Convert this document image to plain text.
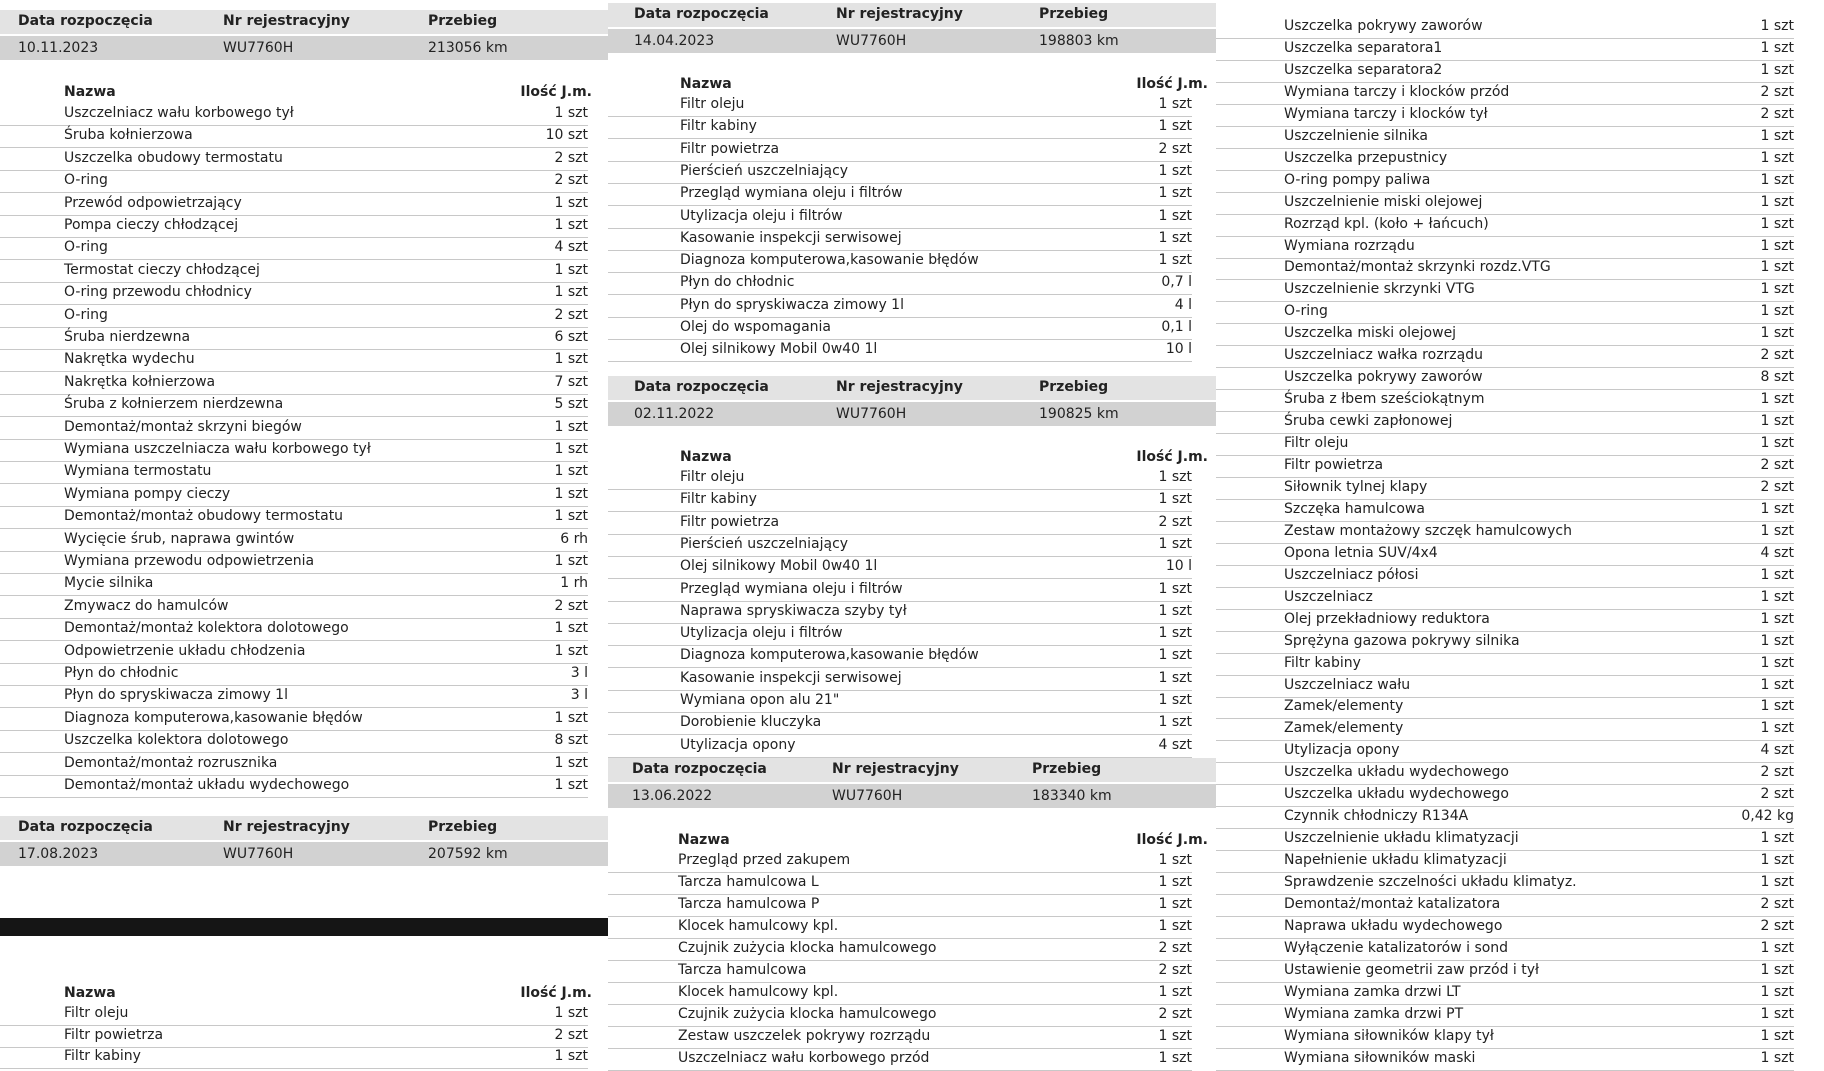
Data rozpoczęcia	Nr rejestracyjny	Przebieg
10.11.2023	WU7760H	213056 km
Nazwa	Ilość J.m.
Uszczelniacz wału korbowego tył	1 szt
Śruba kołnierzowa	10 szt
Uszczelka obudowy termostatu	2 szt
O-ring	2 szt
Przewód odpowietrzający	1 szt
Pompa cieczy chłodzącej	1 szt
O-ring	4 szt
Termostat cieczy chłodzącej	1 szt
O-ring przewodu chłodnicy	1 szt
O-ring	2 szt
Śruba nierdzewna	6 szt
Nakrętka wydechu	1 szt
Nakrętka kołnierzowa	7 szt
Śruba z kołnierzem nierdzewna	5 szt
Demontaż/montaż skrzyni biegów	1 szt
Wymiana uszczelniacza wału korbowego tył	1 szt
Wymiana termostatu	1 szt
Wymiana pompy cieczy	1 szt
Demontaż/montaż obudowy termostatu	1 szt
Wycięcie śrub, naprawa gwintów	6 rh
Wymiana przewodu odpowietrzenia	1 szt
Mycie silnika	1 rh
Zmywacz do hamulców	2 szt
Demontaż/montaż kolektora dolotowego	1 szt
Odpowietrzenie układu chłodzenia	1 szt
Płyn do chłodnic	3 l
Płyn do spryskiwacza zimowy 1l	3 l
Diagnoza komputerowa,kasowanie błędów	1 szt
Uszczelka kolektora dolotowego	8 szt
Demontaż/montaż rozrusznika	1 szt
Demontaż/montaż układu wydechowego	1 szt
Data rozpoczęcia	Nr rejestracyjny	Przebieg
17.08.2023	WU7760H	207592 km
Nazwa	Ilość J.m.
Filtr oleju	1 szt
Filtr powietrza	2 szt
Filtr kabiny	1 szt
Data rozpoczęcia	Nr rejestracyjny	Przebieg
14.04.2023	WU7760H	198803 km
Nazwa	Ilość J.m.
Filtr oleju	1 szt
Filtr kabiny	1 szt
Filtr powietrza	2 szt
Pierścień uszczelniający	1 szt
Przegląd wymiana oleju i filtrów	1 szt
Utylizacja oleju i filtrów	1 szt
Kasowanie inspekcji serwisowej	1 szt
Diagnoza komputerowa,kasowanie błędów	1 szt
Płyn do chłodnic	0,7 l
Płyn do spryskiwacza zimowy 1l	4 l
Olej do wspomagania	0,1 l
Olej silnikowy Mobil 0w40 1l	10 l
Data rozpoczęcia	Nr rejestracyjny	Przebieg
02.11.2022	WU7760H	190825 km
Nazwa	Ilość J.m.
Filtr oleju	1 szt
Filtr kabiny	1 szt
Filtr powietrza	2 szt
Pierścień uszczelniający	1 szt
Olej silnikowy Mobil 0w40 1l	10 l
Przegląd wymiana oleju i filtrów	1 szt
Naprawa spryskiwacza szyby tył	1 szt
Utylizacja oleju i filtrów	1 szt
Diagnoza komputerowa,kasowanie błędów	1 szt
Kasowanie inspekcji serwisowej	1 szt
Wymiana opon alu 21"	1 szt
Dorobienie kluczyka	1 szt
Utylizacja opony	4 szt
Data rozpoczęcia	Nr rejestracyjny	Przebieg
13.06.2022	WU7760H	183340 km
Nazwa	Ilość J.m.
Przegląd przed zakupem	1 szt
Tarcza hamulcowa L	1 szt
Tarcza hamulcowa P	1 szt
Klocek hamulcowy kpl.	1 szt
Czujnik zużycia klocka hamulcowego	2 szt
Tarcza hamulcowa	2 szt
Klocek hamulcowy kpl.	1 szt
Czujnik zużycia klocka hamulcowego	2 szt
Zestaw uszczelek pokrywy rozrządu	1 szt
Uszczelniacz wału korbowego przód	1 szt
Uszczelka pokrywy zaworów	1 szt
Uszczelka separatora1	1 szt
Uszczelka separatora2	1 szt
Wymiana tarczy i klocków przód	2 szt
Wymiana tarczy i klocków tył	2 szt
Uszczelnienie silnika	1 szt
Uszczelka przepustnicy	1 szt
O-ring pompy paliwa	1 szt
Uszczelnienie miski olejowej	1 szt
Rozrząd kpl. (koło + łańcuch)	1 szt
Wymiana rozrządu	1 szt
Demontaż/montaż skrzynki rozdz.VTG	1 szt
Uszczelnienie skrzynki VTG	1 szt
O-ring	1 szt
Uszczelka miski olejowej	1 szt
Uszczelniacz wałka rozrządu	2 szt
Uszczelka pokrywy zaworów	8 szt
Śruba z łbem sześciokątnym	1 szt
Śruba cewki zapłonowej	1 szt
Filtr oleju	1 szt
Filtr powietrza	2 szt
Siłownik tylnej klapy	2 szt
Szczęka hamulcowa	1 szt
Zestaw montażowy szczęk hamulcowych	1 szt
Opona letnia SUV/4x4	4 szt
Uszczelniacz półosi	1 szt
Uszczelniacz	1 szt
Olej przekładniowy reduktora	1 szt
Sprężyna gazowa pokrywy silnika	1 szt
Filtr kabiny	1 szt
Uszczelniacz wału	1 szt
Zamek/elementy	1 szt
Zamek/elementy	1 szt
Utylizacja opony	4 szt
Uszczelka układu wydechowego	2 szt
Uszczelka układu wydechowego	2 szt
Czynnik chłodniczy R134A	0,42 kg
Uszczelnienie układu klimatyzacji	1 szt
Napełnienie układu klimatyzacji	1 szt
Sprawdzenie szczelności układu klimatyz.	1 szt
Demontaż/montaż katalizatora	2 szt
Naprawa układu wydechowego	2 szt
Wyłączenie katalizatorów i sond	1 szt
Ustawienie geometrii zaw przód i tył	1 szt
Wymiana zamka drzwi LT	1 szt
Wymiana zamka drzwi PT	1 szt
Wymiana siłowników klapy tył	1 szt
Wymiana siłowników maski	1 szt
